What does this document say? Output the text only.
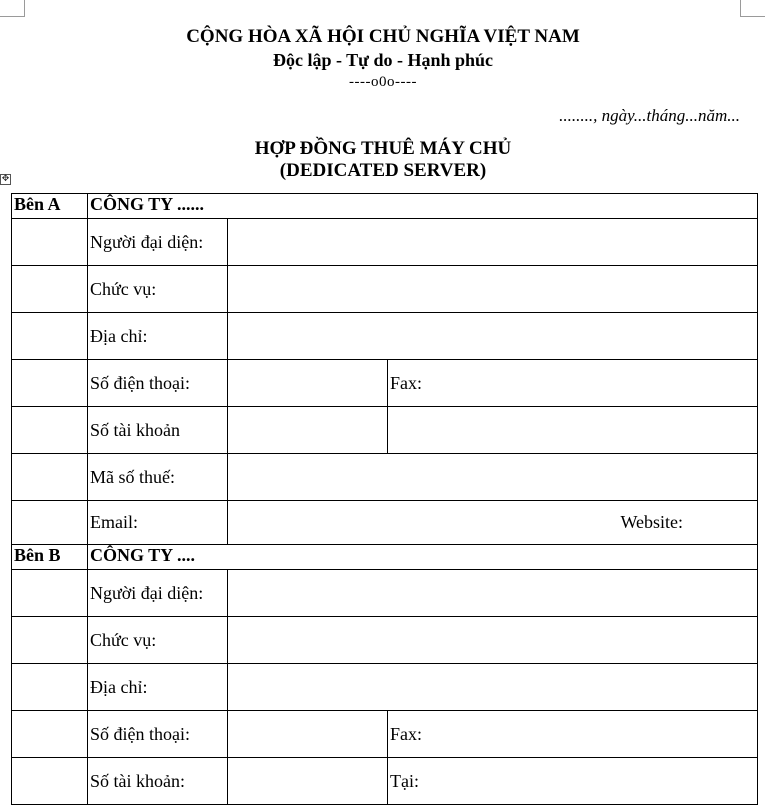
CỘNG HÒA XÃ HỘI CHỦ NGHĨA VIỆT NAM
Độc lập - Tự do - Hạnh phúc
----o0o----
........, ngày...tháng...năm...
HỢP ĐỒNG THUÊ MÁY CHỦ
(DEDICATED SERVER)
✥
Bên A	CÔNG TY ......		
	Người đại diện:		
	Chức vụ:		
	Địa chỉ:		
	Số điện thoại:		Fax:
	Số tài khoản		
	Mã số thuế:		
	Email:	Website:	

Bên B	CÔNG TY ....		
	Người đại diện:		
	Chức vụ:		
	Địa chỉ:		
	Số điện thoại:		Fax:
	Số tài khoản:		Tại:
